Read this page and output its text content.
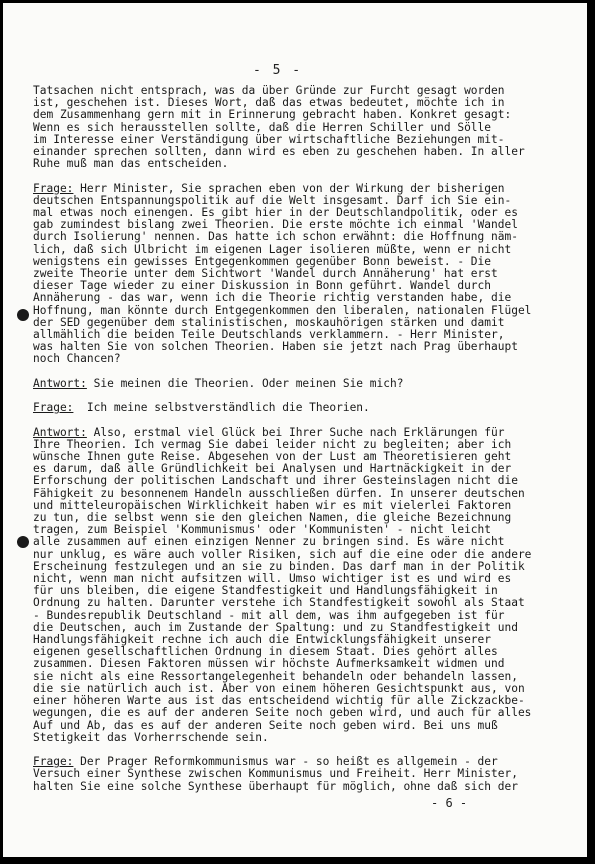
- 5 -
Tatsachen nicht entsprach, was da über Gründe zur Furcht gesagt worden
ist, geschehen ist. Dieses Wort, daß das etwas bedeutet, möchte ich in
dem Zusammenhang gern mit in Erinnerung gebracht haben. Konkret gesagt:
Wenn es sich herausstellen sollte, daß die Herren Schiller und Sölle
im Interesse einer Verständigung über wirtschaftliche Beziehungen mit-
einander sprechen sollten, dann wird es eben zu geschehen haben. In aller
Ruhe muß man das entscheiden.
Frage: Herr Minister, Sie sprachen eben von der Wirkung der bisherigen
deutschen Entspannungspolitik auf die Welt insgesamt. Darf ich Sie ein-
mal etwas noch einengen. Es gibt hier in der Deutschlandpolitik, oder es
gab zumindest bislang zwei Theorien. Die erste möchte ich einmal 'Wandel
durch Isolierung' nennen. Das hatte ich schon erwähnt: die Hoffnung näm-
lich, daß sich Ulbricht im eigenen Lager isolieren müßte, wenn er nicht
wenigstens ein gewisses Entgegenkommen gegenüber Bonn beweist. - Die
zweite Theorie unter dem Sichtwort 'Wandel durch Annäherung' hat erst
dieser Tage wieder zu einer Diskussion in Bonn geführt. Wandel durch
Annäherung - das war, wenn ich die Theorie richtig verstanden habe, die
Hoffnung, man könnte durch Entgegenkommen den liberalen, nationalen Flügel
der SED gegenüber dem stalinistischen, moskauhörigen stärken und damit
allmählich die beiden Teile Deutschlands verklammern. - Herr Minister,
was halten Sie von solchen Theorien. Haben sie jetzt nach Prag überhaupt
noch Chancen?
Antwort: Sie meinen die Theorien. Oder meinen Sie mich?
Frage:  Ich meine selbstverständlich die Theorien.
Antwort: Also, erstmal viel Glück bei Ihrer Suche nach Erklärungen für
Ihre Theorien. Ich vermag Sie dabei leider nicht zu begleiten; aber ich
wünsche Ihnen gute Reise. Abgesehen von der Lust am Theoretisieren geht
es darum, daß alle Gründlichkeit bei Analysen und Hartnäckigkeit in der
Erforschung der politischen Landschaft und ihrer Gesteinslagen nicht die
Fähigkeit zu besonnenem Handeln ausschließen dürfen. In unserer deutschen
und mitteleuropäischen Wirklichkeit haben wir es mit vielerlei Faktoren
zu tun, die selbst wenn sie den gleichen Namen, die gleiche Bezeichnung
tragen, zum Beispiel 'Kommunismus' oder 'Kommunisten' - nicht leicht
alle zusammen auf einen einzigen Nenner zu bringen sind. Es wäre nicht
nur unklug, es wäre auch voller Risiken, sich auf die eine oder die andere
Erscheinung festzulegen und an sie zu binden. Das darf man in der Politik
nicht, wenn man nicht aufsitzen will. Umso wichtiger ist es und wird es
für uns bleiben, die eigene Standfestigkeit und Handlungsfähigkeit in
Ordnung zu halten. Darunter verstehe ich Standfestigkeit sowohl als Staat
- Bundesrepublik Deutschland - mit all dem, was ihm aufgegeben ist für
die Deutschen, auch im Zustande der Spaltung: und zu Standfestigkeit und
Handlungsfähigkeit rechne ich auch die Entwicklungsfähigkeit unserer
eigenen gesellschaftlichen Ordnung in diesem Staat. Dies gehört alles
zusammen. Diesen Faktoren müssen wir höchste Aufmerksamkeit widmen und
sie nicht als eine Ressortangelegenheit behandeln oder behandeln lassen,
die sie natürlich auch ist. Aber von einem höheren Gesichtspunkt aus, von
einer höheren Warte aus ist das entscheidend wichtig für alle Zickzackbe-
wegungen, die es auf der anderen Seite noch geben wird, und auch für alles
Auf und Ab, das es auf der anderen Seite noch geben wird. Bei uns muß
Stetigkeit das Vorherrschende sein.
Frage: Der Prager Reformkommunismus war - so heißt es allgemein - der
Versuch einer Synthese zwischen Kommunismus und Freiheit. Herr Minister,
halten Sie eine solche Synthese überhaupt für möglich, ohne daß sich der
- 6 -
